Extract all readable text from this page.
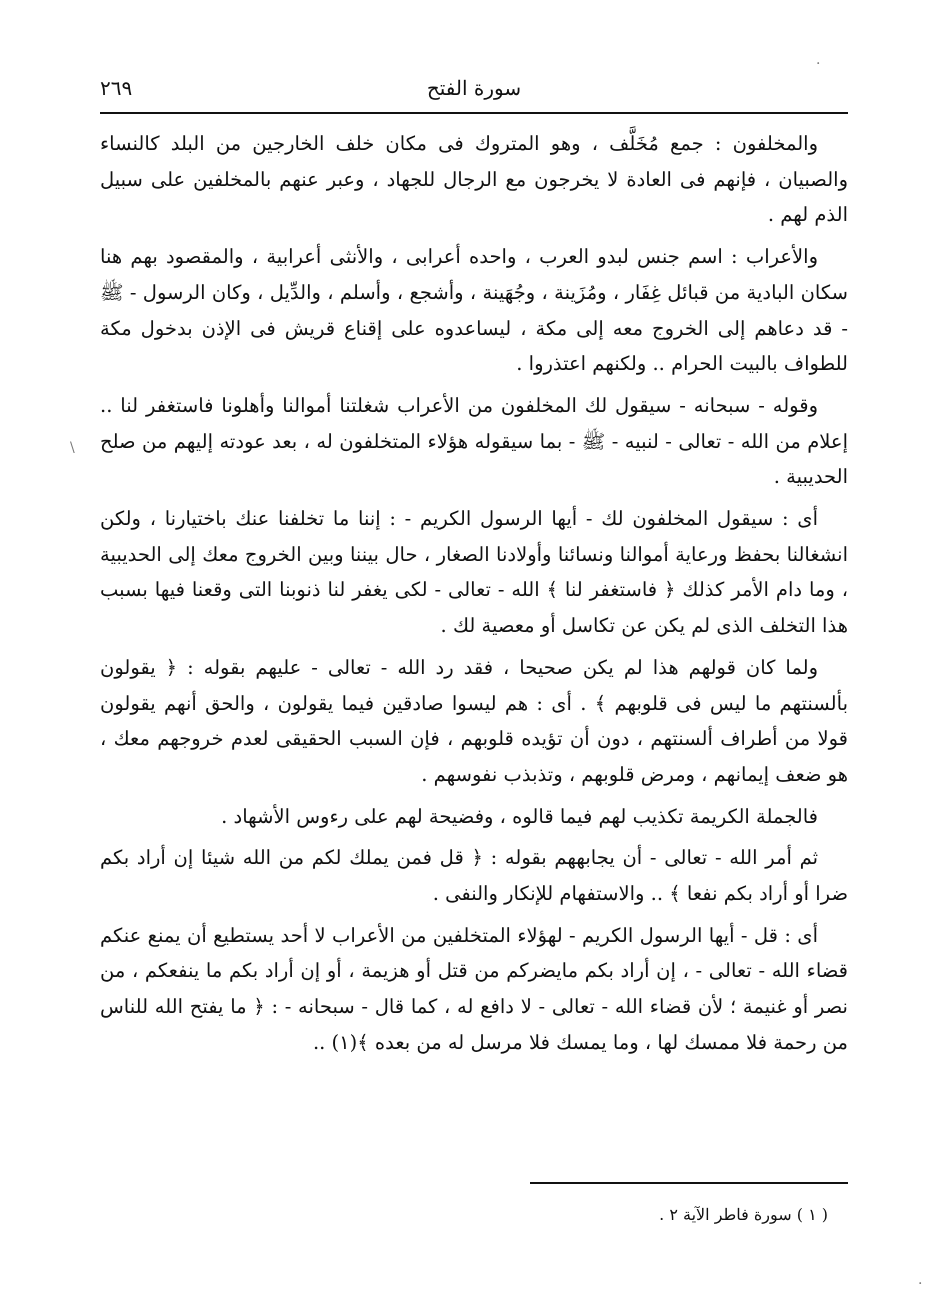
سورة الفتح
٢٦٩

والمخلفون : جمع مُخَلَّف ، وهو المتروك فى مكان خلف الخارجين من البلد كالنساء والصبيان ، فإنهم فى العادة لا يخرجون مع الرجال للجهاد ، وعبر عنهم بالمخلفين على سبيل الذم لهم .

والأعراب : اسم جنس لبدو العرب ، واحده أعرابى ، والأنثى أعرابية ، والمقصود بهم هنا سكان البادية من قبائل غِفَار ، ومُزَينة ، وجُهَينة ، وأشجع ، وأسلم ، والدِّيل ، وكان الرسول - ﷺ - قد دعاهم إلى الخروج معه إلى مكة ، ليساعدوه على إقناع قريش فى الإذن بدخول مكة للطواف بالبيت الحرام .. ولكنهم اعتذروا .

وقوله - سبحانه - سيقول لك المخلفون من الأعراب شغلتنا أموالنا وأهلونا فاستغفر لنا .. إعلام من الله - تعالى - لنبيه - ﷺ - بما سيقوله هؤلاء المتخلفون له ، بعد عودته إليهم من صلح الحديبية .

أى : سيقول المخلفون لك - أيها الرسول الكريم - : إننا ما تخلفنا عنك باختيارنا ، ولكن انشغالنا بحفظ ورعاية أموالنا ونسائنا وأولادنا الصغار ، حال بيننا وبين الخروج معك إلى الحديبية ، وما دام الأمر كذلك ﴿ فاستغفر لنا ﴾ الله - تعالى - لكى يغفر لنا ذنوبنا التى وقعنا فيها بسبب هذا التخلف الذى لم يكن عن تكاسل أو معصية لك .

ولما كان قولهم هذا لم يكن صحيحا ، فقد رد الله - تعالى - عليهم بقوله : ﴿ يقولون بألسنتهم ما ليس فى قلوبهم ﴾ . أى : هم ليسوا صادقين فيما يقولون ، والحق أنهم يقولون قولا من أطراف ألسنتهم ، دون أن تؤيده قلوبهم ، فإن السبب الحقيقى لعدم خروجهم معك ، هو ضعف إيمانهم ، ومرض قلوبهم ، وتذبذب نفوسهم .

فالجملة الكريمة تكذيب لهم فيما قالوه ، وفضيحة لهم على رءوس الأشهاد .

ثم أمر الله - تعالى - أن يجابههم بقوله : ﴿ قل فمن يملك لكم من الله شيئا إن أراد بكم ضرا أو أراد بكم نفعا ﴾ .. والاستفهام للإنكار والنفى .

أى : قل - أيها الرسول الكريم - لهؤلاء المتخلفين من الأعراب لا أحد يستطيع أن يمنع عنكم قضاء الله - تعالى - ، إن أراد بكم مايضركم من قتل أو هزيمة ، أو إن أراد بكم ما ينفعكم ، من نصر أو غنيمة ؛ لأن قضاء الله - تعالى - لا دافع له ، كما قال - سبحانه - : ﴿ ما يفتح الله للناس من رحمة فلا ممسك لها ، وما يمسك فلا مرسل له من بعده ﴾(١) ..

( ١ ) سورة فاطر الآية ٢ .
·
\
·
